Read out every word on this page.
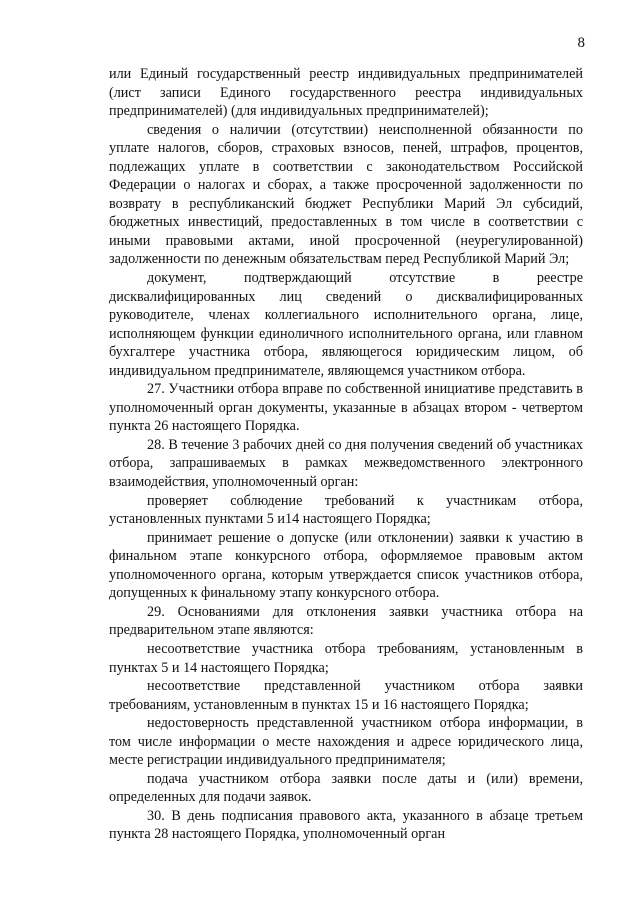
8

или Единый государственный реестр индивидуальных предпринимателей (лист записи Единого государственного реестра индивидуальных предпринимателей) (для индивидуальных предпринимателей);

сведения о наличии (отсутствии) неисполненной обязанности по уплате налогов, сборов, страховых взносов, пеней, штрафов, процентов, подлежащих уплате в соответствии с законодательством Российской Федерации о налогах и сборах, а также просроченной задолженности по возврату в республиканский бюджет Республики Марий Эл субсидий, бюджетных инвестиций, предоставленных в том числе в соответствии с иными правовыми актами, иной просроченной (неурегулированной) задолженности по денежным обязательствам перед Республикой Марий Эл;

документ, подтверждающий отсутствие в реестре дисквалифицированных лиц сведений о дисквалифицированных руководителе, членах коллегиального исполнительного органа, лице, исполняющем функции единоличного исполнительного органа, или главном бухгалтере участника отбора, являющегося юридическим лицом, об индивидуальном предпринимателе, являющемся участником отбора.

27. Участники отбора вправе по собственной инициативе представить в уполномоченный орган документы, указанные в абзацах втором - четвертом пункта 26 настоящего Порядка.

28. В течение 3 рабочих дней со дня получения сведений об участниках отбора, запрашиваемых в рамках межведомственного электронного взаимодействия, уполномоченный орган:

проверяет соблюдение требований к участникам отбора, установленных пунктами 5 и14 настоящего Порядка;

принимает решение о допуске (или отклонении) заявки к участию в финальном этапе конкурсного отбора, оформляемое правовым актом уполномоченного органа, которым утверждается список участников отбора, допущенных к финальному этапу конкурсного отбора.

29. Основаниями для отклонения заявки участника отбора на предварительном этапе являются:

несоответствие участника отбора требованиям, установленным в пунктах 5 и 14 настоящего Порядка;

несоответствие представленной участником отбора заявки требованиям, установленным в пунктах 15 и 16 настоящего Порядка;

недостоверность представленной участником отбора информации, в том числе информации о месте нахождения и адресе юридического лица, месте регистрации индивидуального предпринимателя;

подача участником отбора заявки после даты и (или) времени, определенных для подачи заявок.

30. В день подписания правового акта, указанного в абзаце третьем пункта 28 настоящего Порядка, уполномоченный орган
